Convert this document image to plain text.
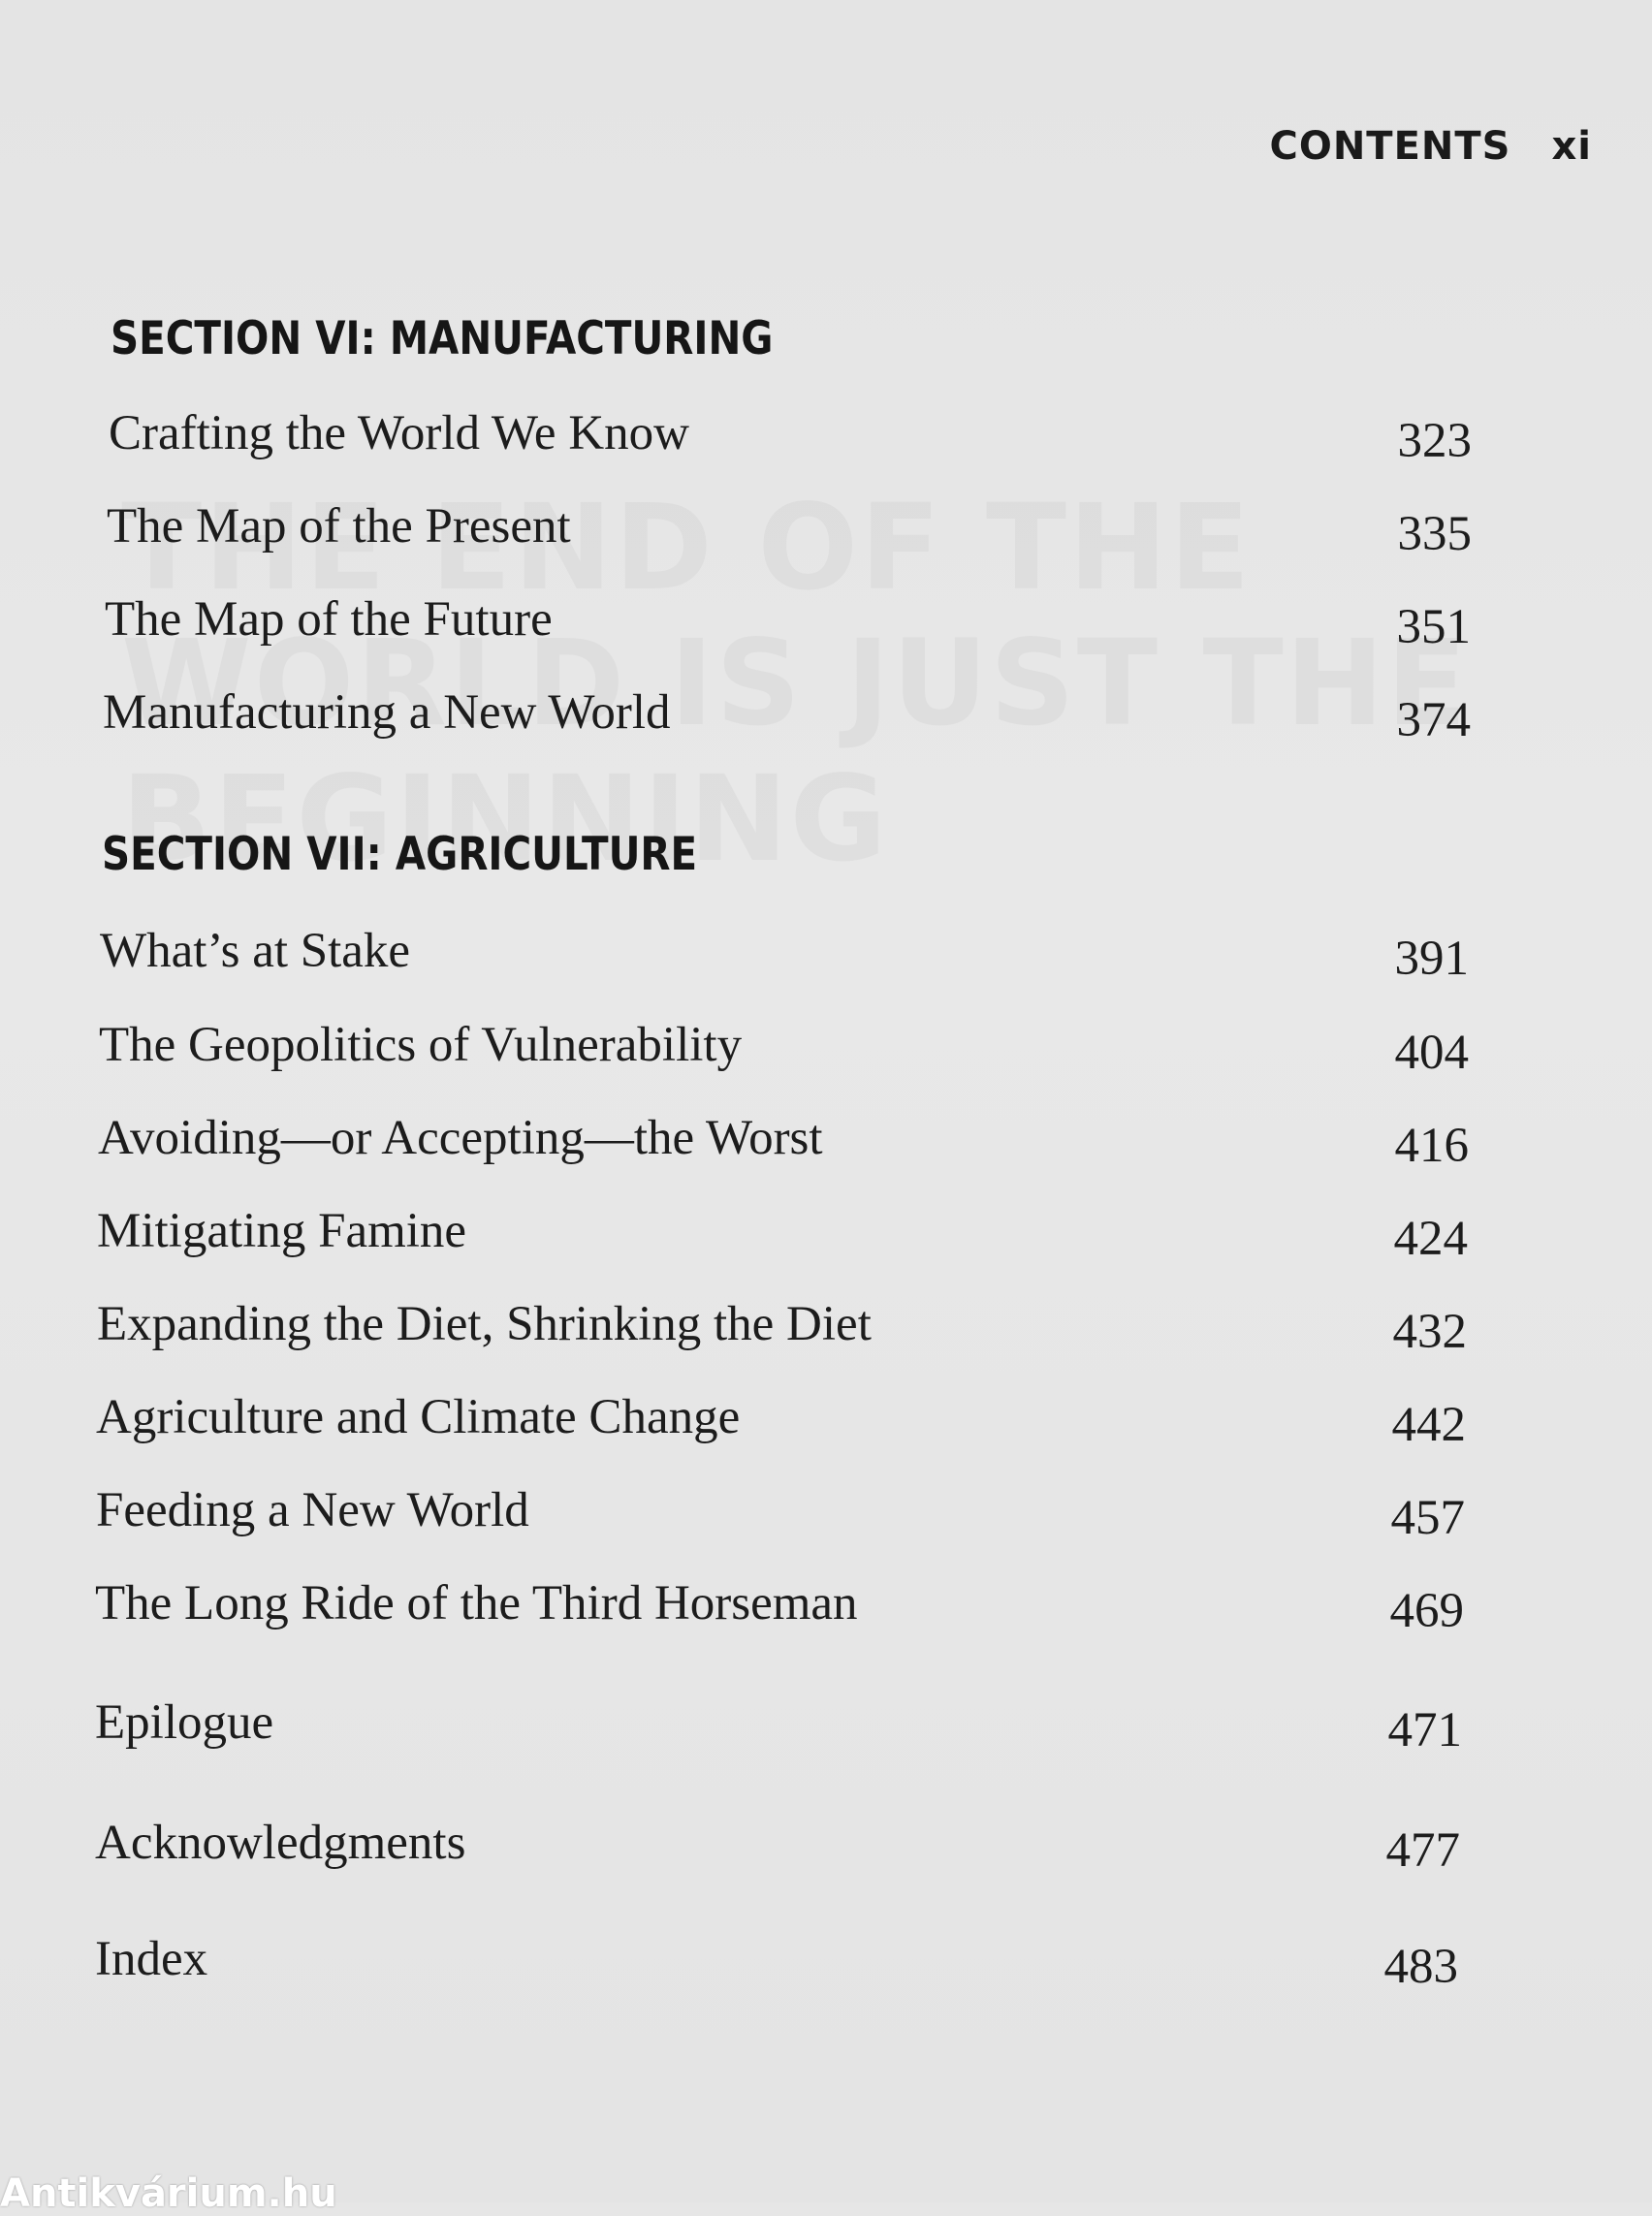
CONTENTS xi
SECTION VI: MANUFACTURING
Crafting the World We Know	323
The Map of the Present	335
The Map of the Future	351
Manufacturing a New World	374
SECTION VII: AGRICULTURE
What’s at Stake	391
The Geopolitics of Vulnerability	404
Avoiding—or Accepting—the Worst	416
Mitigating Famine	424
Expanding the Diet, Shrinking the Diet	432
Agriculture and Climate Change	442
Feeding a New World	457
The Long Ride of the Third Horseman	469
Epilogue	471
Acknowledgments	477
Index	483
Antikvárium.hu
